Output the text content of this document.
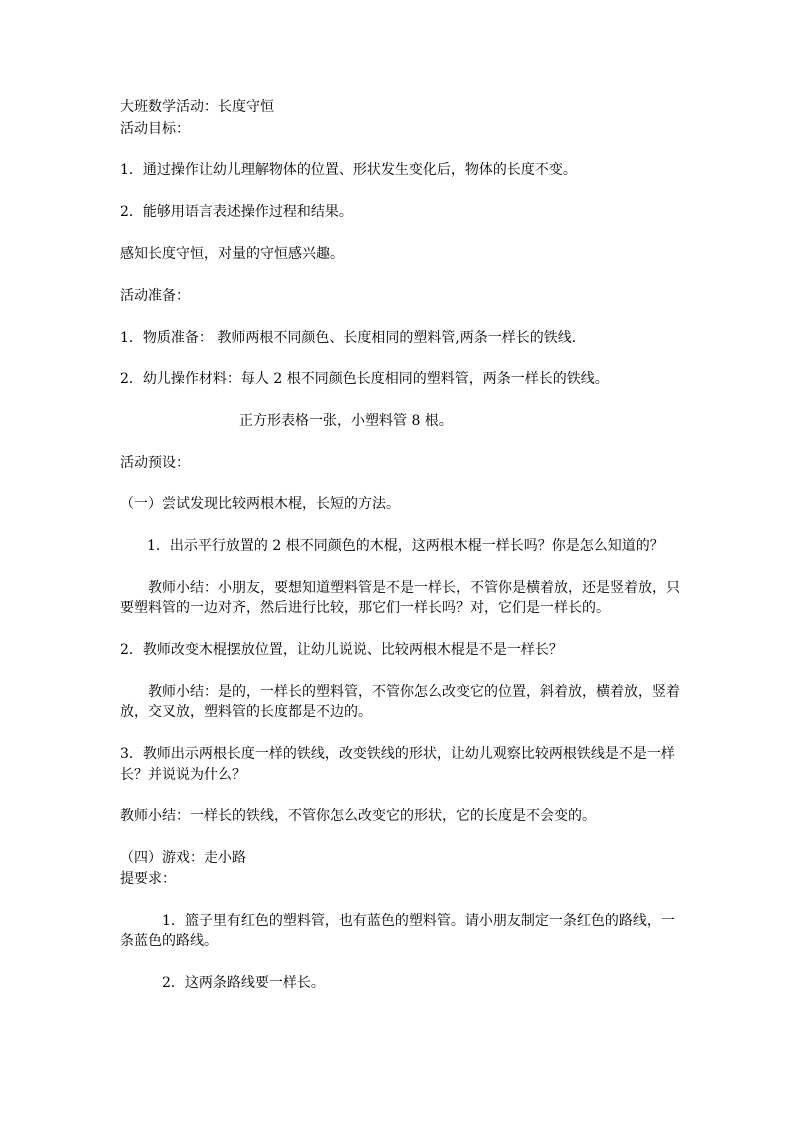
大班数学活动：长度守恒
活动目标：
1．通过操作让幼儿理解物体的位置、形状发生变化后，物体的长度不变。
2．能够用语言表述操作过程和结果。
感知长度守恒，对量的守恒感兴趣。
活动准备：
1．物质准备： 教师两根不同颜色、长度相同的塑料管,两条一样长的铁线.
2．幼儿操作材料：每人 2 根不同颜色长度相同的塑料管，两条一样长的铁线。
正方形表格一张，小塑料管 8 根。
活动预设：
（一）尝试发现比较两根木棍，长短的方法。
1．出示平行放置的 2 根不同颜色的木棍，这两根木棍一样长吗？你是怎么知道的？
教师小结：小朋友，要想知道塑料管是不是一样长，不管你是横着放，还是竖着放，只
要塑料管的一边对齐，然后进行比较，那它们一样长吗？对，它们是一样长的。
2．教师改变木棍摆放位置，让幼儿说说、比较两根木棍是不是一样长？
教师小结：是的，一样长的塑料管，不管你怎么改变它的位置，斜着放，横着放，竖着
放，交叉放，塑料管的长度都是不边的。
3．教师出示两根长度一样的铁线，改变铁线的形状，让幼儿观察比较两根铁线是不是一样
长？并说说为什么？
教师小结：一样长的铁线，不管你怎么改变它的形状，它的长度是不会变的。
（四）游戏：走小路
提要求：
1．篮子里有红色的塑料管，也有蓝色的塑料管。请小朋友制定一条红色的路线，一
条蓝色的路线。
2．这两条路线要一样长。
